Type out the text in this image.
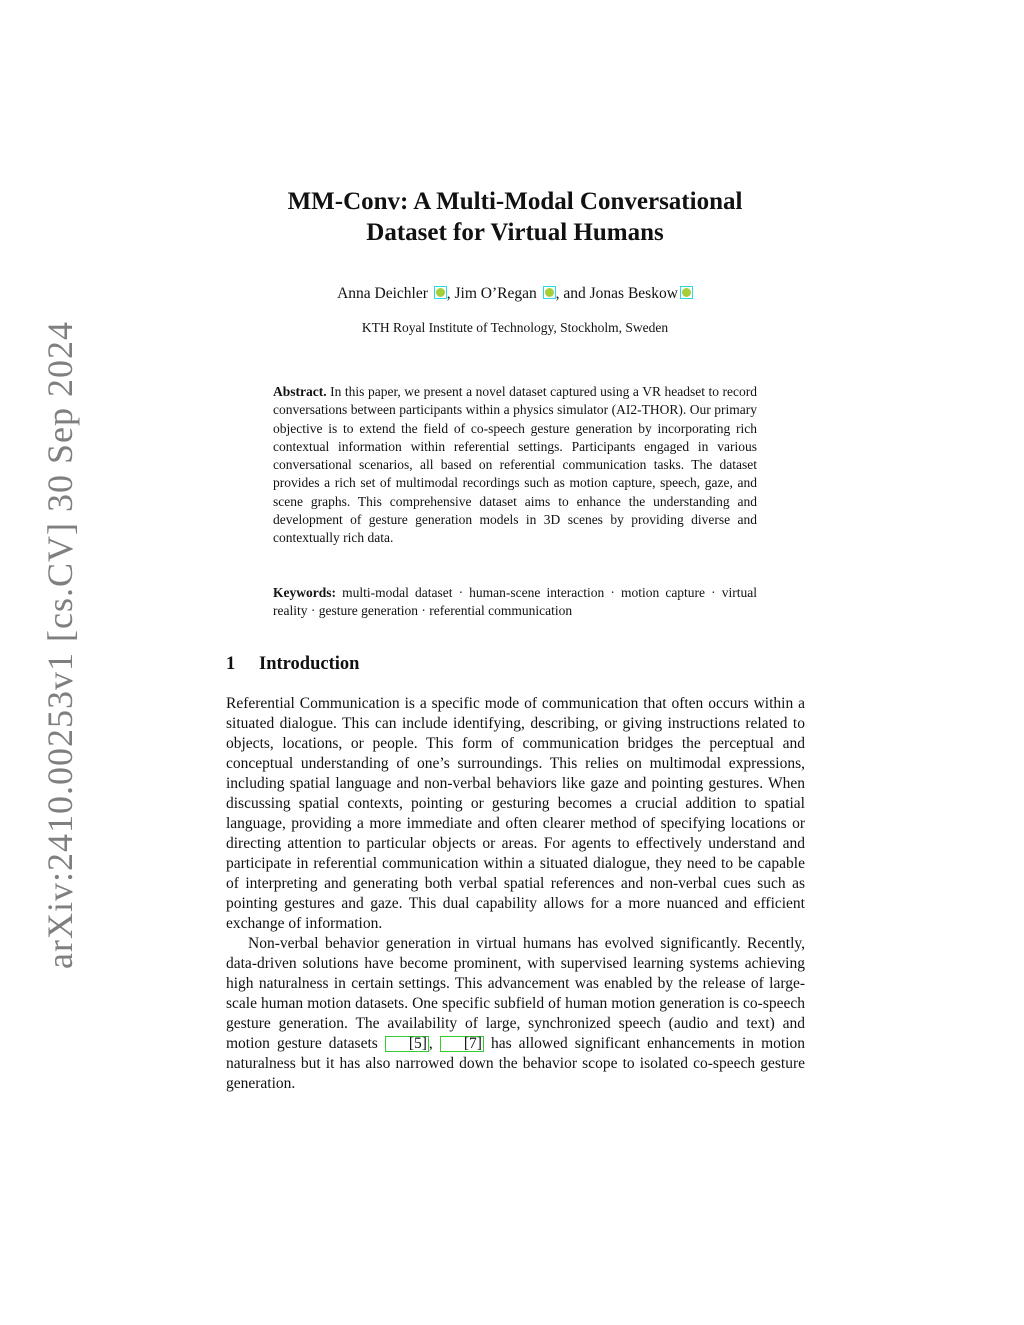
arXiv:2410.00253v1 [cs.CV] 30 Sep 2024
MM-Conv: A Multi-Modal Conversational
Dataset for Virtual Humans
Anna Deichler , Jim O’Regan , and Jonas Beskow
KTH Royal Institute of Technology, Stockholm, Sweden
Abstract. In this paper, we present a novel dataset captured using a VR headset to record conversations between participants within a physics simulator (AI2-THOR). Our primary objective is to extend the field of co-speech gesture generation by incorporating rich contextual information within referential settings. Participants engaged in various conversational scenarios, all based on referential communication tasks. The dataset provides a rich set of multimodal recordings such as motion capture, speech, gaze, and scene graphs. This comprehensive dataset aims to enhance the understanding and development of gesture generation models in 3D scenes by providing diverse and contextually rich data.
Keywords: multi-modal dataset · human-scene interaction · motion capture · virtual reality · gesture generation · referential communication
1 Introduction

Referential Communication is a specific mode of communication that often occurs within a situated dialogue. This can include identifying, describing, or giving instructions related to objects, locations, or people. This form of communication bridges the perceptual and conceptual understanding of one’s surroundings. This relies on multimodal expressions, including spatial language and non-verbal behaviors like gaze and pointing gestures. When discussing spatial contexts, pointing or gesturing becomes a crucial addition to spatial language, providing a more immediate and often clearer method of specifying locations or directing attention to particular objects or areas. For agents to effectively understand and participate in referential communication within a situated dialogue, they need to be capable of interpreting and generating both verbal spatial references and non-verbal cues such as pointing gestures and gaze. This dual capability allows for a more nuanced and efficient exchange of information.

Non-verbal behavior generation in virtual humans has evolved significantly. Recently, data-driven solutions have become prominent, with supervised learning systems achieving high naturalness in certain settings. This advancement was enabled by the release of large-scale human motion datasets. One specific subfield of human motion generation is co-speech gesture generation. The availability of large, synchronized speech (audio and text) and motion gesture datasets [5] , [7] has allowed significant enhancements in motion naturalness but it has also narrowed down the behavior scope to isolated co-speech gesture generation.
